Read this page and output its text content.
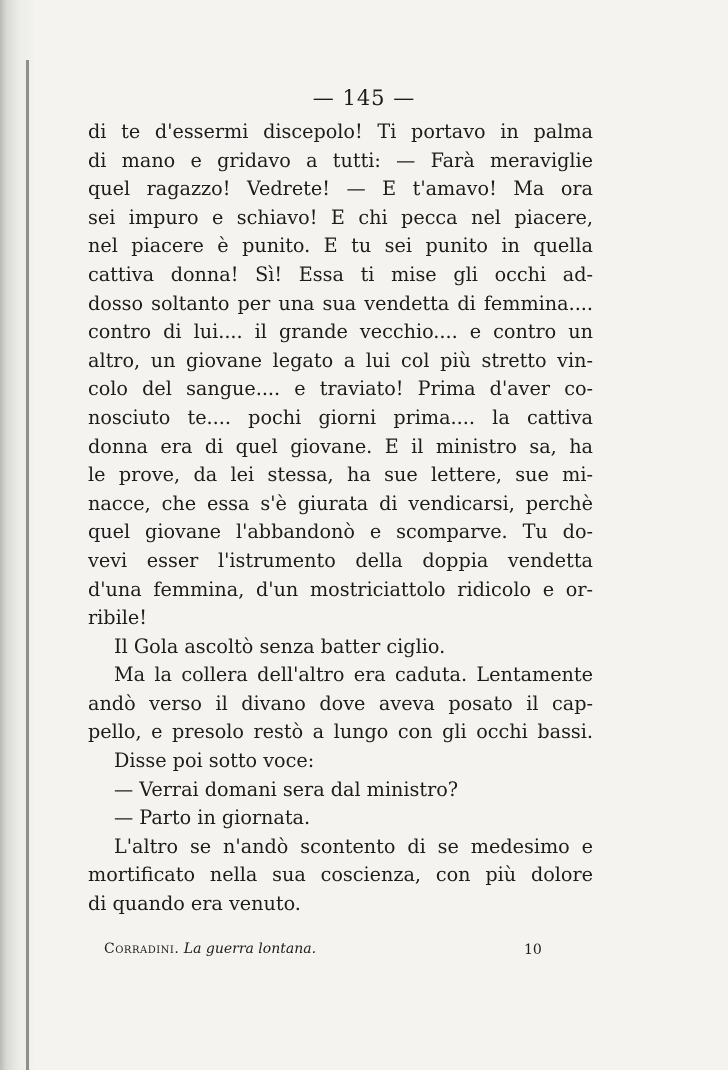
— 145 —
di te d'essermi discepolo! Ti portavo in palma
di mano e gridavo a tutti: — Farà meraviglie
quel ragazzo! Vedrete! — E t'amavo! Ma ora
sei impuro e schiavo! E chi pecca nel piacere,
nel piacere è punito. E tu sei punito in quella
cattiva donna! Sì! Essa ti mise gli occhi ad-
dosso soltanto per una sua vendetta di femmina....
contro di lui.... il grande vecchio.... e contro un
altro, un giovane legato a lui col più stretto vin-
colo del sangue.... e traviato! Prima d'aver co-
nosciuto te.... pochi giorni prima.... la cattiva
donna era di quel giovane. E il ministro sa, ha
le prove, da lei stessa, ha sue lettere, sue mi-
nacce, che essa s'è giurata di vendicarsi, perchè
quel giovane l'abbandonò e scomparve. Tu do-
vevi esser l'istrumento della doppia vendetta
d'una femmina, d'un mostriciattolo ridicolo e or-
ribile!
Il Gola ascoltò senza batter ciglio.
Ma la collera dell'altro era caduta. Lentamente
andò verso il divano dove aveva posato il cap-
pello, e presolo restò a lungo con gli occhi bassi.
Disse poi sotto voce:
— Verrai domani sera dal ministro?
— Parto in giornata.
L'altro se n'andò scontento di se medesimo e
mortificato nella sua coscienza, con più dolore
di quando era venuto.
Corradini. La guerra lontana.	10
